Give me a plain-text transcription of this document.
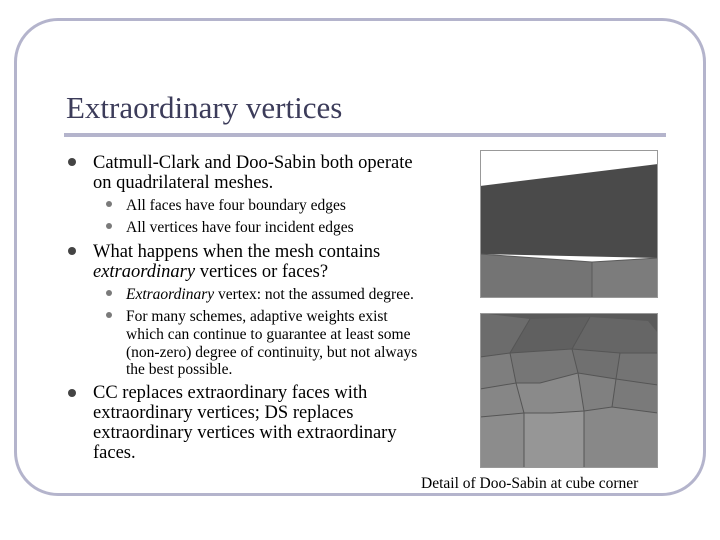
Extraordinary vertices
Catmull-Clark and Doo-Sabin both operate
on quadrilateral meshes.
All faces have four boundary edges
All vertices have four incident edges
What happens when the mesh contains
extraordinary vertices or faces?
Extraordinary vertex: not the assumed degree.
For many schemes, adaptive weights exist
which can continue to guarantee at least some
(non-zero) degree of continuity, but not always
the best possible.
CC replaces extraordinary faces with
extraordinary vertices; DS replaces
extraordinary vertices with extraordinary
faces.
Detail of Doo-Sabin at cube corner
